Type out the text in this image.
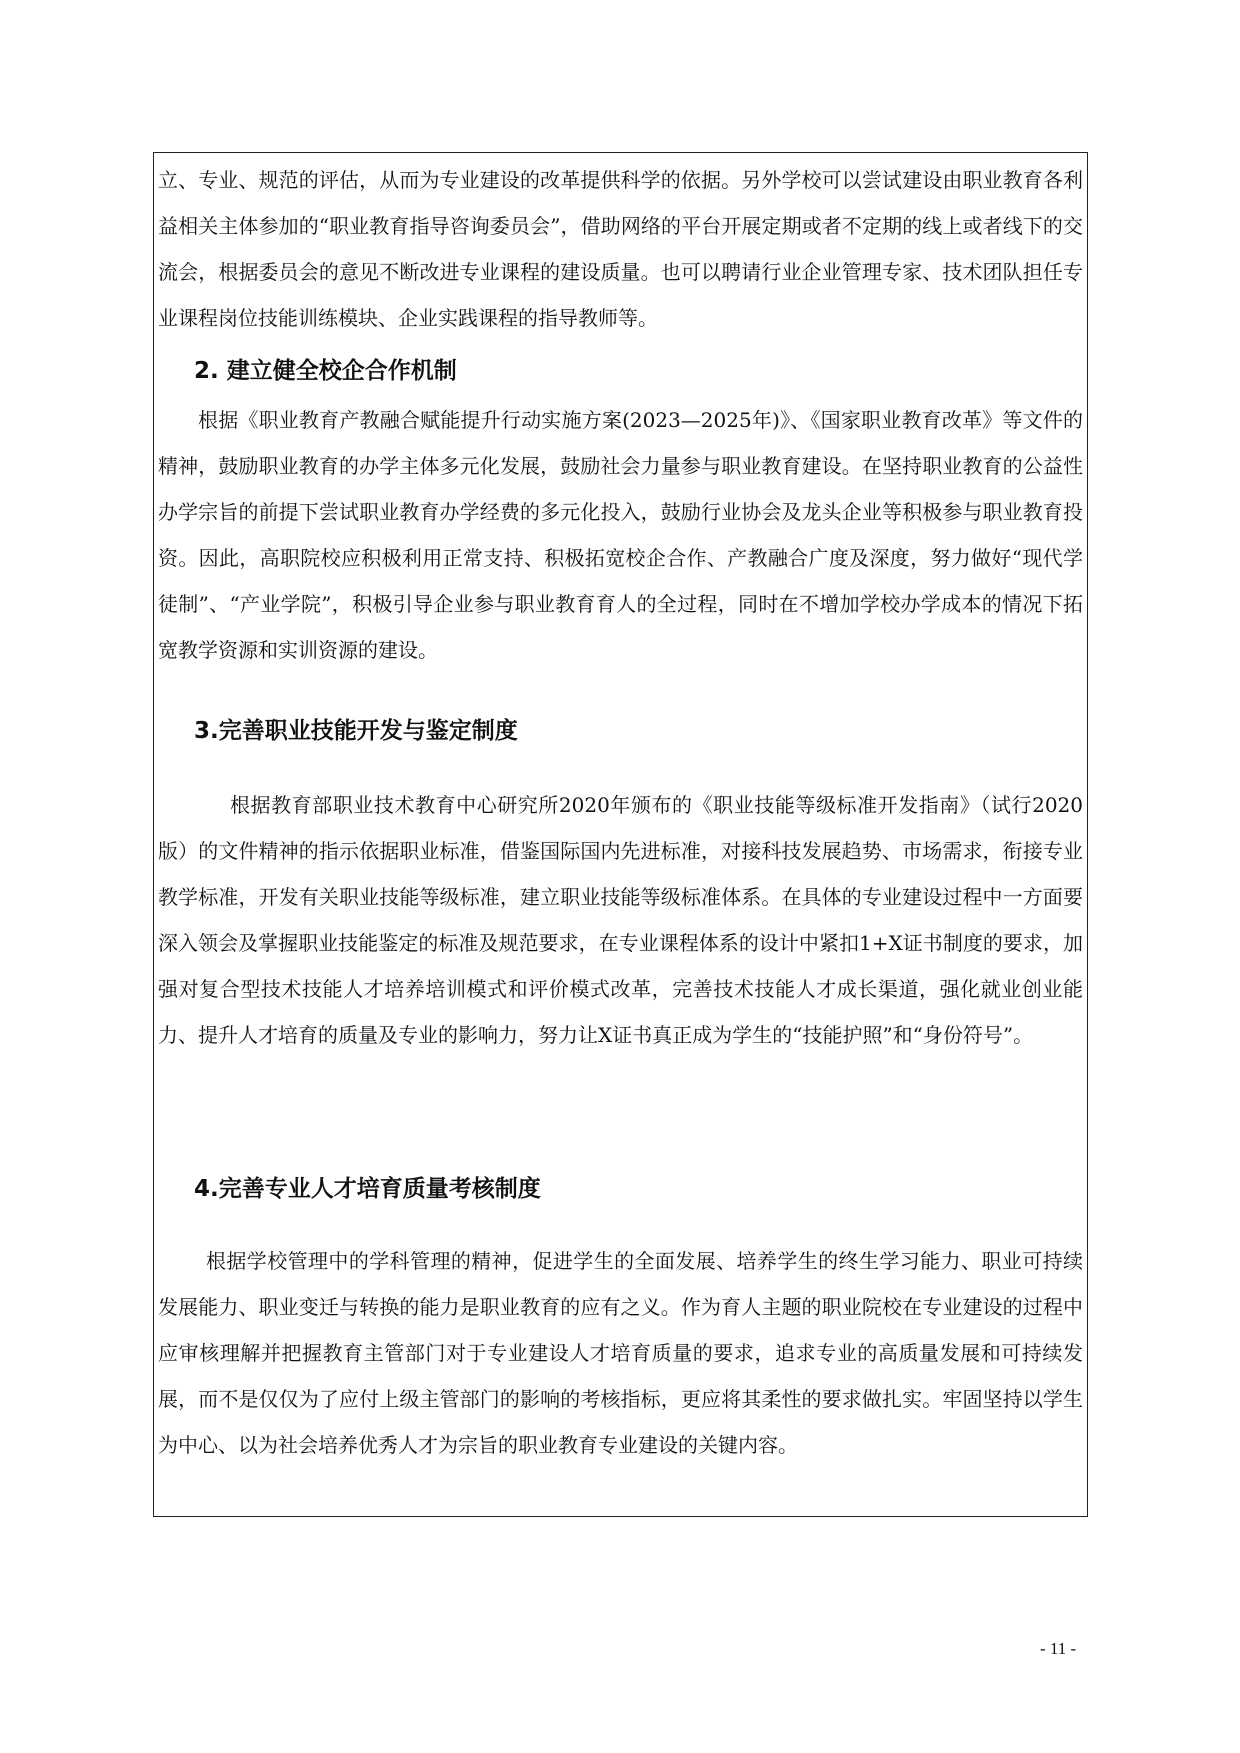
立、专业、规范的评估，从而为专业建设的改革提供科学的依据。另外学校可以尝试建设由职业教育各利益相关主体参加的“职业教育指导咨询委员会”，借助网络的平台开展定期或者不定期的线上或者线下的交流会，根据委员会的意见不断改进专业课程的建设质量。也可以聘请行业企业管理专家、技术团队担任专业课程岗位技能训练模块、企业实践课程的指导教师等。

2. 建立健全校企合作机制

根据《职业教育产教融合赋能提升行动实施方案(2023—2025年)》、《国家职业教育改革》等文件的精神，鼓励职业教育的办学主体多元化发展，鼓励社会力量参与职业教育建设。在坚持职业教育的公益性办学宗旨的前提下尝试职业教育办学经费的多元化投入，鼓励行业协会及龙头企业等积极参与职业教育投资。因此，高职院校应积极利用正常支持、积极拓宽校企合作、产教融合广度及深度，努力做好“现代学徒制”、“产业学院”，积极引导企业参与职业教育育人的全过程，同时在不增加学校办学成本的情况下拓宽教学资源和实训资源的建设。

3.完善职业技能开发与鉴定制度

根据教育部职业技术教育中心研究所2020年颁布的《职业技能等级标准开发指南》（试行2020版）的文件精神的指示依据职业标准，借鉴国际国内先进标准，对接科技发展趋势、市场需求，衔接专业教学标准，开发有关职业技能等级标准，建立职业技能等级标准体系。在具体的专业建设过程中一方面要深入领会及掌握职业技能鉴定的标准及规范要求，在专业课程体系的设计中紧扣1+X证书制度的要求，加强对复合型技术技能人才培养培训模式和评价模式改革，完善技术技能人才成长渠道，强化就业创业能力、提升人才培育的质量及专业的影响力，努力让X证书真正成为学生的“技能护照”和“身份符号”。

4.完善专业人才培育质量考核制度

根据学校管理中的学科管理的精神，促进学生的全面发展、培养学生的终生学习能力、职业可持续发展能力、职业变迁与转换的能力是职业教育的应有之义。作为育人主题的职业院校在专业建设的过程中应审核理解并把握教育主管部门对于专业建设人才培育质量的要求，追求专业的高质量发展和可持续发展，而不是仅仅为了应付上级主管部门的影响的考核指标，更应将其柔性的要求做扎实。牢固坚持以学生为中心、以为社会培养优秀人才为宗旨的职业教育专业建设的关键内容。

- 11 -
